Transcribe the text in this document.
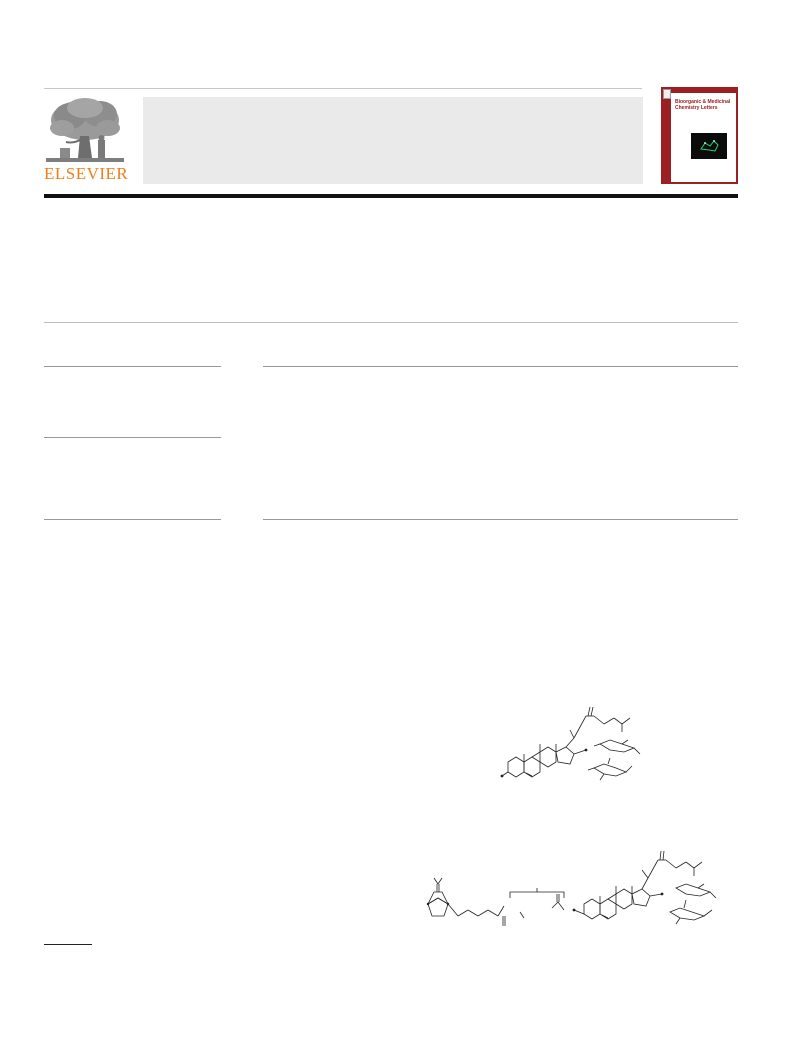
ELSEVIER
Bioorganic & Medicinal Chemistry Letters
